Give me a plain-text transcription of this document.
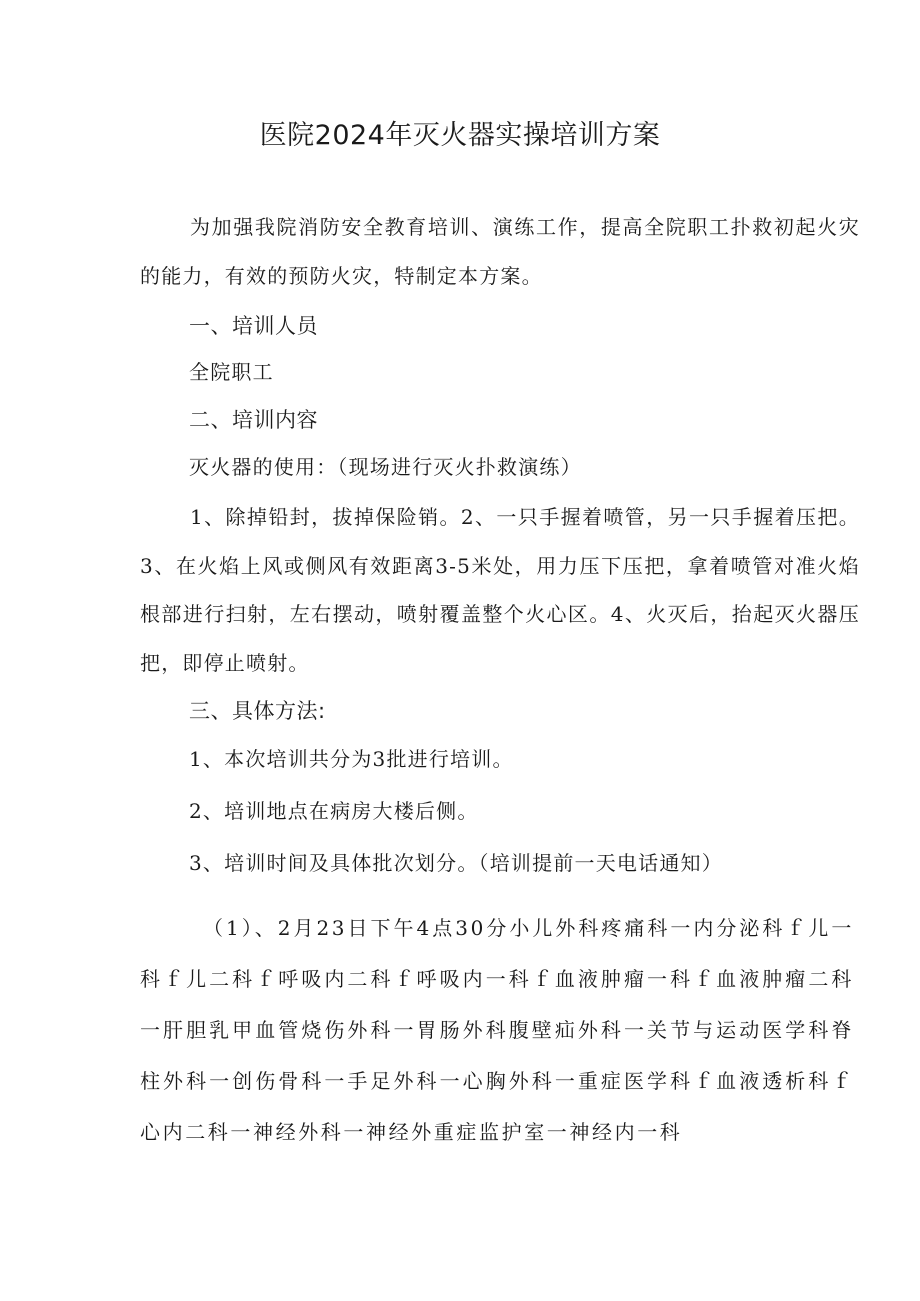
医院2024年灭火器实操培训方案

为加强我院消防安全教育培训、演练工作，提高全院职工扑救初起火灾的能力，有效的预防火灾，特制定本方案。

一、培训人员

全院职工

二、培训内容

灭火器的使用：（现场进行灭火扑救演练）

1、除掉铅封，拔掉保险销。2、一只手握着喷管，另一只手握着压把。3、在火焰上风或侧风有效距离3-5米处，用力压下压把，拿着喷管对准火焰根部进行扫射，左右摆动，喷射覆盖整个火心区。4、火灭后，抬起灭火器压把，即停止喷射。

三、具体方法:

1、本次培训共分为3批进行培训。

2、培训地点在病房大楼后侧。

3、培训时间及具体批次划分。（培训提前一天电话通知）

（1）、2月23日下午4点30分小儿外科疼痛科一内分泌科ｆ儿一科ｆ儿二科ｆ呼吸内二科ｆ呼吸内一科ｆ血液肿瘤一科ｆ血液肿瘤二科一肝胆乳甲血管烧伤外科一胃肠外科腹壁疝外科一关节与运动医学科脊柱外科一创伤骨科一手足外科一心胸外科一重症医学科ｆ血液透析科ｆ心内二科一神经外科一神经外重症监护室一神经内一科
